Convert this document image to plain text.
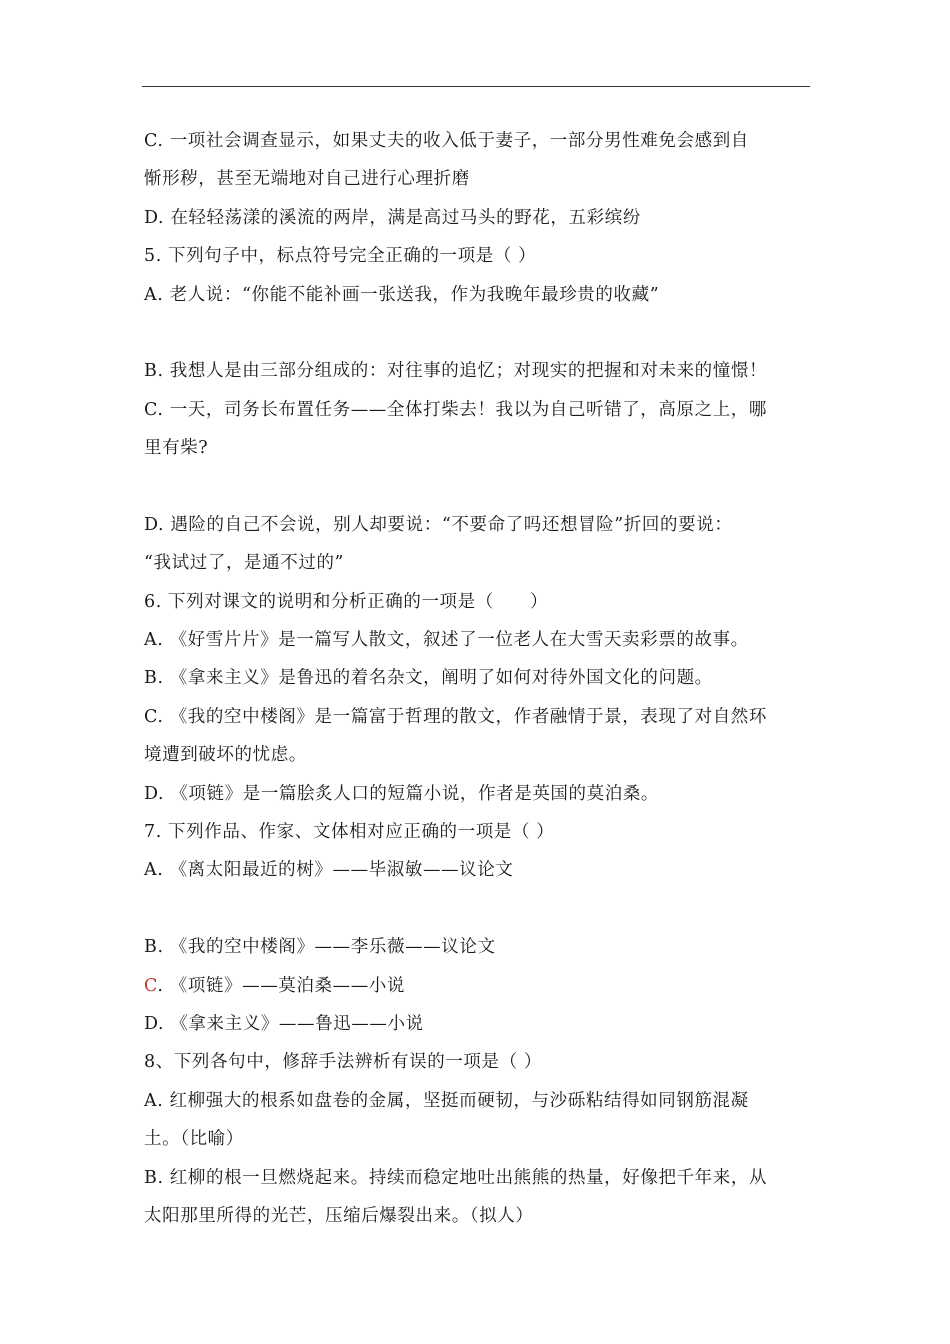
C. 一项社会调查显示，如果丈夫的收入低于妻子，一部分男性难免会感到自
惭形秽，甚至无端地对自己进行心理折磨
D. 在轻轻荡漾的溪流的两岸，满是高过马头的野花，五彩缤纷
5. 下列句子中，标点符号完全正确的一项是（ ）
A. 老人说：“你能不能补画一张送我，作为我晚年最珍贵的收藏”
B. 我想人是由三部分组成的：对往事的追忆；对现实的把握和对未来的憧憬！
C. 一天，司务长布置任务——全体打柴去！我以为自己听错了，高原之上，哪
里有柴?
D. 遇险的自己不会说，别人却要说：“不要命了吗还想冒险”折回的要说：
“我试过了，是通不过的”
6. 下列对课文的说明和分析正确的一项是（　　）
A. 《好雪片片》是一篇写人散文，叙述了一位老人在大雪天卖彩票的故事。
B. 《拿来主义》是鲁迅的着名杂文，阐明了如何对待外国文化的问题。
C. 《我的空中楼阁》是一篇富于哲理的散文，作者融情于景，表现了对自然环
境遭到破坏的忧虑。
D. 《项链》是一篇脍炙人口的短篇小说，作者是英国的莫泊桑。
7. 下列作品、作家、文体相对应正确的一项是（ ）
A. 《离太阳最近的树》——毕淑敏——议论文
B. 《我的空中楼阁》——李乐薇——议论文
C. 《项链》——莫泊桑——小说
D. 《拿来主义》——鲁迅——小说
8、下列各句中，修辞手法辨析有误的一项是（ ）
A. 红柳强大的根系如盘卷的金属，坚挺而硬韧，与沙砾粘结得如同钢筋混凝
土。（比喻）
B. 红柳的根一旦燃烧起来。持续而稳定地吐出熊熊的热量，好像把千年来，从
太阳那里所得的光芒，压缩后爆裂出来。（拟人）
